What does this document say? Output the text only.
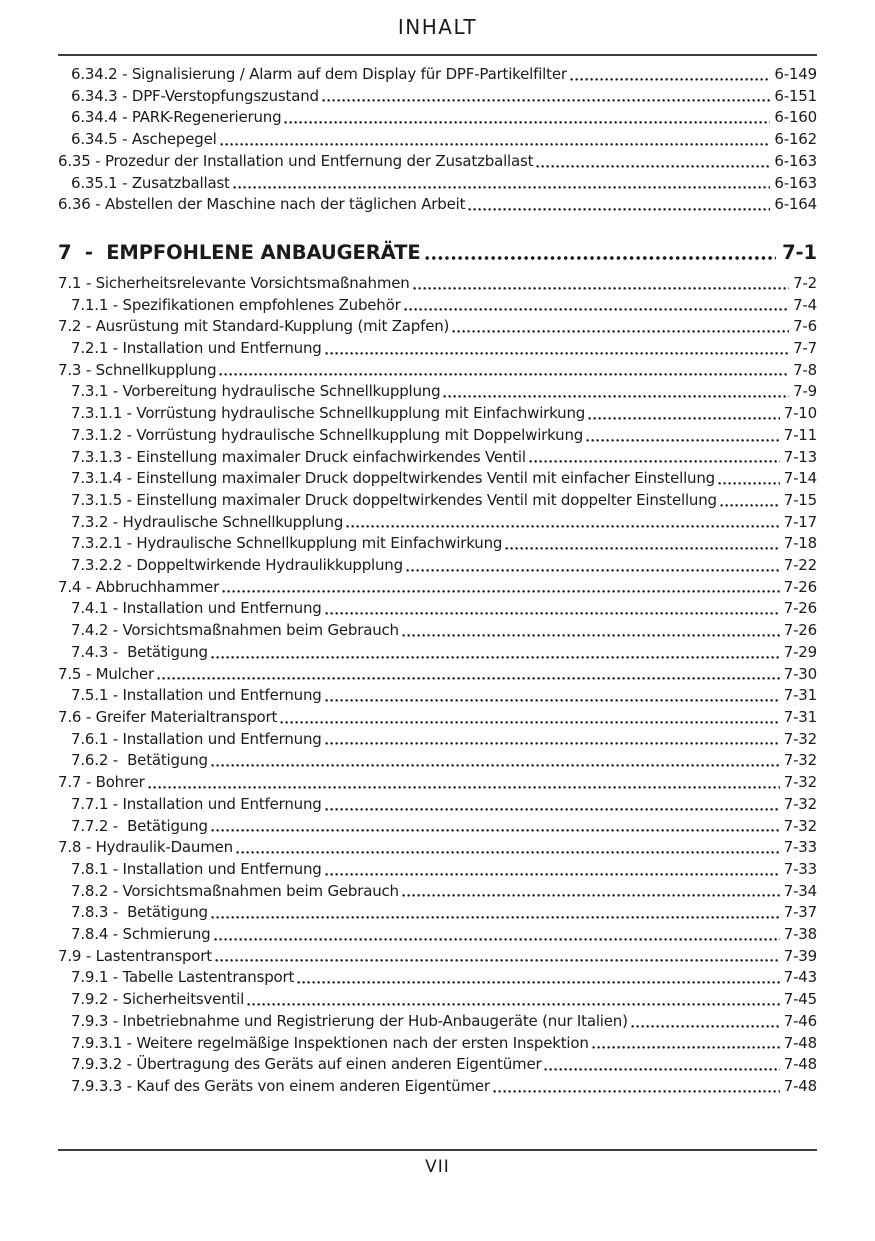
INHALT
6.34.2 - Signalisierung / Alarm auf dem Display für DPF-Partikelfilter	6-149
6.34.3 - DPF-Verstopfungszustand	6-151
6.34.4 - PARK-Regenerierung	6-160
6.34.5 - Aschepegel	6-162
6.35 - Prozedur der Installation und Entfernung der Zusatzballast	6-163
6.35.1 - Zusatzballast	6-163
6.36 - Abstellen der Maschine nach der täglichen Arbeit	6-164
7  -  EMPFOHLENE ANBAUGERÄTE	7-1
7.1 - Sicherheitsrelevante Vorsichtsmaßnahmen	7-2
7.1.1 - Spezifikationen empfohlenes Zubehör	7-4
7.2 - Ausrüstung mit Standard-Kupplung (mit Zapfen)	7-6
7.2.1 - Installation und Entfernung	7-7
7.3 - Schnellkupplung	7-8
7.3.1 - Vorbereitung hydraulische Schnellkupplung	7-9
7.3.1.1 - Vorrüstung hydraulische Schnellkupplung mit Einfachwirkung	7-10
7.3.1.2 - Vorrüstung hydraulische Schnellkupplung mit Doppelwirkung	7-11
7.3.1.3 - Einstellung maximaler Druck einfachwirkendes Ventil	7-13
7.3.1.4 - Einstellung maximaler Druck doppeltwirkendes Ventil mit einfacher Einstellung	7-14
7.3.1.5 - Einstellung maximaler Druck doppeltwirkendes Ventil mit doppelter Einstellung	7-15
7.3.2 - Hydraulische Schnellkupplung	7-17
7.3.2.1 - Hydraulische Schnellkupplung mit Einfachwirkung	7-18
7.3.2.2 - Doppeltwirkende Hydraulikkupplung	7-22
7.4 - Abbruchhammer	7-26
7.4.1 - Installation und Entfernung	7-26
7.4.2 - Vorsichtsmaßnahmen beim Gebrauch	7-26
7.4.3 -  Betätigung	7-29
7.5 - Mulcher	7-30
7.5.1 - Installation und Entfernung	7-31
7.6 - Greifer Materialtransport	7-31
7.6.1 - Installation und Entfernung	7-32
7.6.2 -  Betätigung	7-32
7.7 - Bohrer	7-32
7.7.1 - Installation und Entfernung	7-32
7.7.2 -  Betätigung	7-32
7.8 - Hydraulik-Daumen	7-33
7.8.1 - Installation und Entfernung	7-33
7.8.2 - Vorsichtsmaßnahmen beim Gebrauch	7-34
7.8.3 -  Betätigung	7-37
7.8.4 - Schmierung	7-38
7.9 - Lastentransport	7-39
7.9.1 - Tabelle Lastentransport	7-43
7.9.2 - Sicherheitsventil	7-45
7.9.3 - Inbetriebnahme und Registrierung der Hub-Anbaugeräte (nur Italien)	7-46
7.9.3.1 - Weitere regelmäßige Inspektionen nach der ersten Inspektion	7-48
7.9.3.2 - Übertragung des Geräts auf einen anderen Eigentümer	7-48
7.9.3.3 - Kauf des Geräts von einem anderen Eigentümer	7-48
VII
